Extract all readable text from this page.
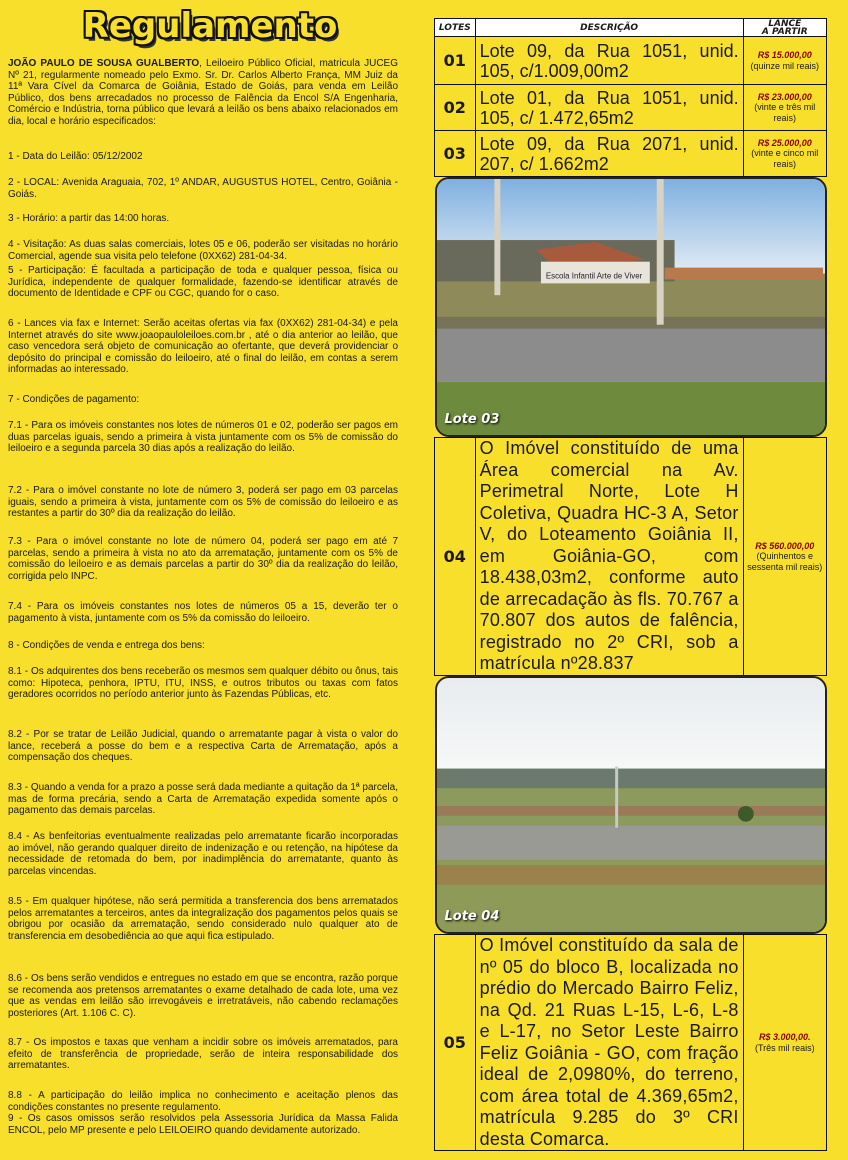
Regulamento

JOÃO PAULO DE SOUSA GUALBERTO, Leiloeiro Público Oficial, matricula JUCEG Nº 21, regularmente nomeado pelo Exmo. Sr. Dr. Carlos Alberto França, MM Juiz da 11ª Vara Cível da Comarca de Goiânia, Estado de Goiás, para venda em Leilão Público, dos bens arrecadados no processo de Falência da Encol S/A Engenharia, Comércio e Indústria, torna público que levará a leilão os bens abaixo relacionados em dia, local e horário especificados:

1 - Data do Leilão: 05/12/2002

2 - LOCAL: Avenida Araguaia, 702, 1º ANDAR, AUGUSTUS HOTEL, Centro, Goiânia - Goiás.

3 - Horário: a partir das 14:00 horas.

4 - Visitação: As duas salas comerciais, lotes 05 e 06, poderão ser visitadas no horário Comercial, agende sua visita pelo telefone (0XX62) 281-04-34.

5 - Participação: É facultada a participação de toda e qualquer pessoa, física ou Jurídica, independente de qualquer formalidade, fazendo-se identificar através de documento de Identidade e CPF ou CGC, quando for o caso.

6 - Lances via fax e Internet: Serão aceitas ofertas via fax (0XX62) 281-04-34) e pela Internet através do site www.joaopauloleiloes.com.br , até o dia anterior ao leilão, que caso vencedora será objeto de comunicação ao ofertante, que deverá providenciar o depósito do principal e comissão do leiloeiro, até o final do leilão, em contas a serem informadas ao interessado.

7 - Condições de pagamento:

7.1 - Para os imóveis constantes nos lotes de números 01 e 02, poderão ser pagos em duas parcelas iguais, sendo a primeira à vista juntamente com os 5% de comissão do leiloeiro e a segunda parcela 30 dias após a realização do leilão.

7.2 - Para o imóvel constante no lote de número 3, poderá ser pago em 03 parcelas iguais, sendo a primeira à vista, juntamente com os 5% de comissão do leiloeiro e as restantes a partir do 30º dia da realização do leilão.

7.3 - Para o imóvel constante no lote de número 04, poderá ser pago em até 7 parcelas, sendo a primeira à vista no ato da arrematação, juntamente com os 5% de comissão do leiloeiro e as demais parcelas a partir do 30º dia da realização do leilão, corrigida pelo INPC.

7.4 - Para os imóveis constantes nos lotes de números 05 a 15, deverão ter o pagamento à vista, juntamente com os 5% da comissão do leiloeiro.

8 - Condições de venda e entrega dos bens:

8.1 - Os adquirentes dos bens receberão os mesmos sem qualquer débito ou ônus, tais como: Hipoteca, penhora, IPTU, ITU, INSS, e outros tributos ou taxas com fatos geradores ocorridos no período anterior junto às Fazendas Públicas, etc.

8.2 - Por se tratar de Leilão Judicial, quando o arrematante pagar à vista o valor do lance, receberá a posse do bem e a respectiva Carta de Arrematação, após a compensação dos cheques.

8.3 - Quando a venda for a prazo a posse será dada mediante a quitação da 1ª parcela, mas de forma precária, sendo a Carta de Arrematação expedida somente após o pagamento das demais parcelas.

8.4 - As benfeitorias eventualmente realizadas pelo arrematante ficarão incorporadas ao imóvel, não gerando qualquer direito de indenização e ou retenção, na hipótese da necessidade de retomada do bem, por inadimplência do arrematante, quanto às parcelas vincendas.

8.5 - Em qualquer hipótese, não será permitida a transferencia dos bens arrematados pelos arrematantes a terceiros, antes da integralização dos pagamentos pelos quais se obrigou por ocasião da arrematação, sendo considerado nulo qualquer ato de transferencia em desobediência ao que aqui fica estipulado.

8.6 - Os bens serão vendidos e entregues no estado em que se encontra, razão porque se recomenda aos pretensos arrematantes o exame detalhado de cada lote, uma vez que as vendas em leilão são irrevogáveis e irretratáveis, não cabendo reclamações posteriores (Art. 1.106 C. C).

8.7 - Os impostos e taxas que venham a incidir sobre os imóveis arrematados, para efeito de transferência de propriedade, serão de inteira responsabilidade dos arrematantes.

8.8 - A participação do leilão implica no conhecimento e aceitação plenos das condições constantes no presente regulamento.

9 - Os casos omissos serão resolvidos pela Assessoria Jurídica da Massa Falida ENCOL, pelo MP presente e pelo LEILOEIRO quando devidamente autorizado.

LOTES	DESCRIÇÃO	LANCE
A PARTIR
01	Lote 09, da Rua 1051, unid. 105, c/1.009,00m2	R$ 15.000,00
(quinze mil reais)
02	Lote 01, da Rua 1051, unid. 105, c/ 1.472,65m2	R$ 23.000,00
(vinte e três mil reais)
03	Lote 09, da Rua 2071, unid. 207, c/ 1.662m2	R$ 25.000,00
(vinte e cinco mil reais)

Escola Infantil Arte de Viver
Lote 03		

04	O Imóvel constituído de uma Área comercial na Av. Perimetral Norte, Lote H Coletiva, Quadra HC-3 A, Setor V, do Loteamento Goiânia II, em Goiânia-GO, com 18.438,03m2, conforme auto de arrecadação às fls. 70.767 a 70.807 dos autos de falência, registrado no 2º CRI, sob a matrícula nº28.837	R$ 560.000,00
(Quinhentos e sessenta mil reais)

Lote 04		

05	O Imóvel constituído da sala de nº 05 do bloco B, localizada no prédio do Mercado Bairro Feliz, na Qd. 21 Ruas L-15, L-6, L-8 e L-17, no Setor Leste Bairro Feliz Goiânia - GO, com fração ideal de 2,0980%, do terreno, com área total de 4.369,65m2, matrícula 9.285 do 3º CRI desta Comarca.	R$ 3.000,00.
(Três mil reais)
